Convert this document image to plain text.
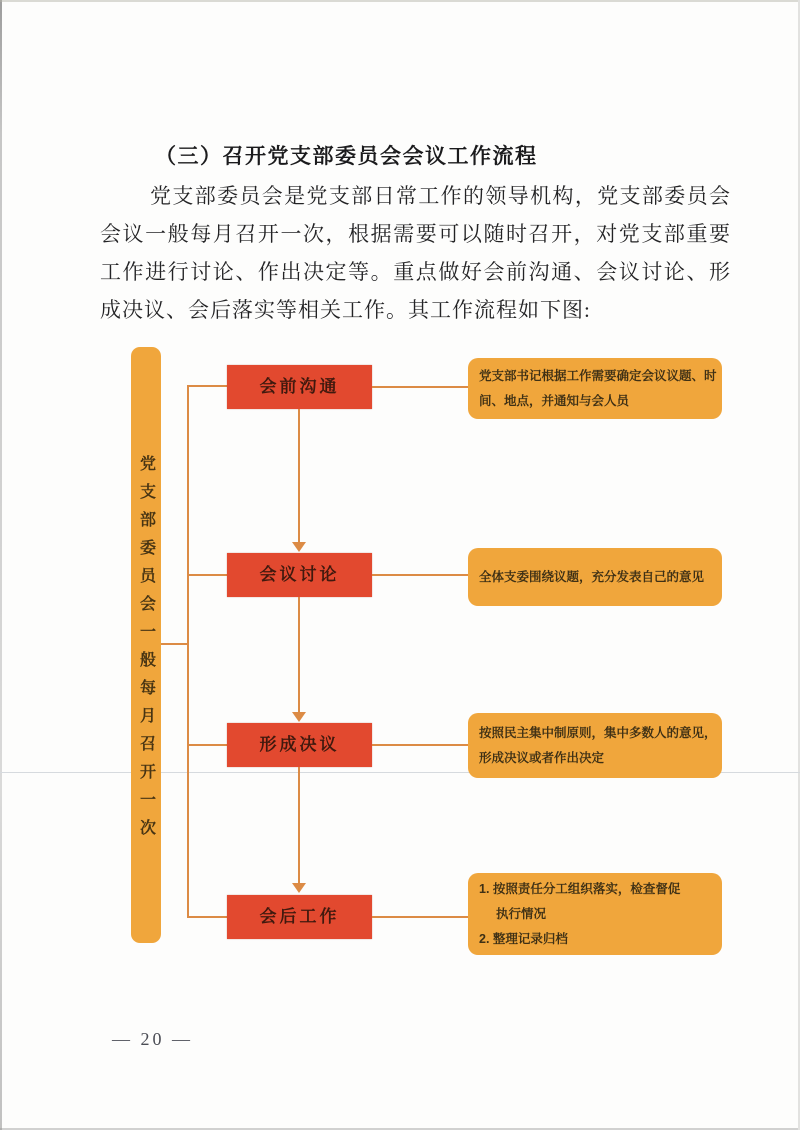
（三）召开党支部委员会会议工作流程
党支部委员会是党支部日常工作的领导机构，党支部委员会
会议一般每月召开一次，根据需要可以随时召开，对党支部重要
工作进行讨论、作出决定等。重点做好会前沟通、会议讨论、形
成决议、会后落实等相关工作。其工作流程如下图:
党支部委员会一般每月召开一次
会前沟通
党支部书记根据工作需要确定会议议题、时
间、地点，并通知与会人员
会议讨论	全体支委围绕议题，充分发表自己的意见
形成决议
按照民主集中制原则，集中多数人的意见，
形成决议或者作出决定
会后工作
1. 按照责任分工组织落实，检查督促
执行情况
2. 整理记录归档
— 20 —
